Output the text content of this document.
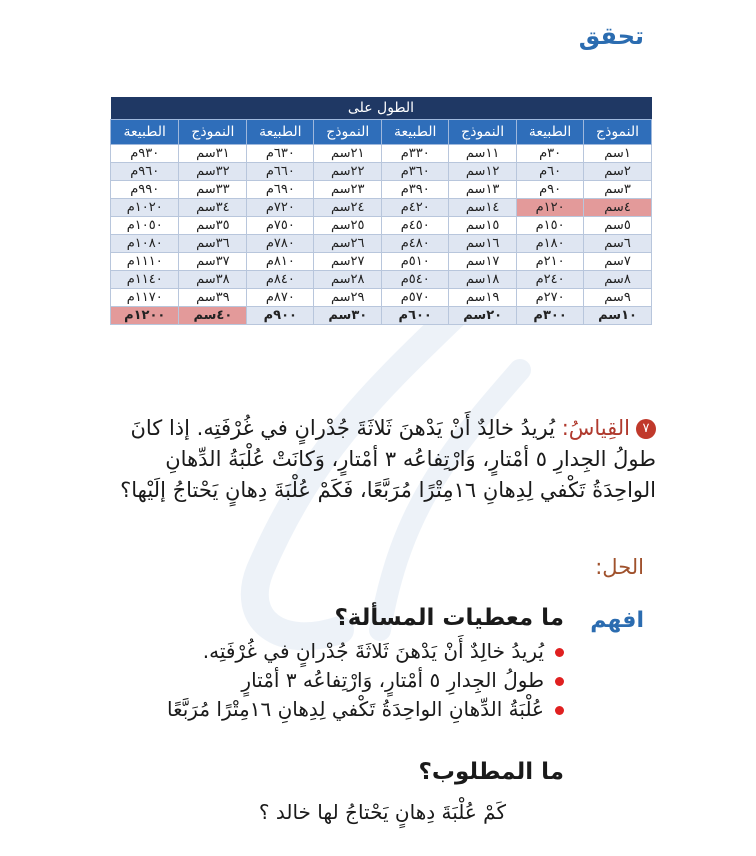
تحقق
الطول على							
النموذج	الطبيعة	النموذج	الطبيعة	النموذج	الطبيعة	النموذج	الطبيعة
١سم	٣٠م	١١سم	٣٣٠م	٢١سم	٦٣٠م	٣١سم	٩٣٠م
٢سم	٦٠م	١٢سم	٣٦٠م	٢٢سم	٦٦٠م	٣٢سم	٩٦٠م
٣سم	٩٠م	١٣سم	٣٩٠م	٢٣سم	٦٩٠م	٣٣سم	٩٩٠م
٤سم	١٢٠م	١٤سم	٤٢٠م	٢٤سم	٧٢٠م	٣٤سم	١٠٢٠م
٥سم	١٥٠م	١٥سم	٤٥٠م	٢٥سم	٧٥٠م	٣٥سم	١٠٥٠م
٦سم	١٨٠م	١٦سم	٤٨٠م	٢٦سم	٧٨٠م	٣٦سم	١٠٨٠م
٧سم	٢١٠م	١٧سم	٥١٠م	٢٧سم	٨١٠م	٣٧سم	١١١٠م
٨سم	٢٤٠م	١٨سم	٥٤٠م	٢٨سم	٨٤٠م	٣٨سم	١١٤٠م
٩سم	٢٧٠م	١٩سم	٥٧٠م	٢٩سم	٨٧٠م	٣٩سم	١١٧٠م
١٠سم	٣٠٠م	٢٠سم	٦٠٠م	٣٠سم	٩٠٠م	٤٠سم	١٢٠٠م
٧القِياسُ: يُريدُ خالِدٌ أَنْ يَدْهنَ ثَلاثَةَ جُدْرانٍ في غُرْفَتِه. إذا كانَ طولُ الجِدارِ ٥ أمْتارٍ، وَارْتِفاعُه ٣ أمْتارٍ، وَكانَتْ عُلْبَةُ الدِّهانِ الواحِدَةُ تَكْفي لِدِهانِ ١٦مِتْرًا مُرَبَّعًا، فَكَمْ عُلْبَةَ دِهانٍ يَحْتاجُ إلَيْها؟
الحل:
افهم
ما معطيات المسألة؟
يُريدُ خالِدٌ أَنْ يَدْهنَ ثَلاثَةَ جُدْرانٍ في غُرْفَتِه.
طولُ الجِدارِ ٥ أمْتارٍ، وَارْتِفاعُه ٣ أمْتارٍ
عُلْبَةُ الدِّهانِ الواحِدَةُ تَكْفي لِدِهانِ ١٦مِتْرًا مُرَبَّعًا
ما المطلوب؟
كَمْ عُلْبَةَ دِهانٍ يَحْتاجُ لها خالد ؟
